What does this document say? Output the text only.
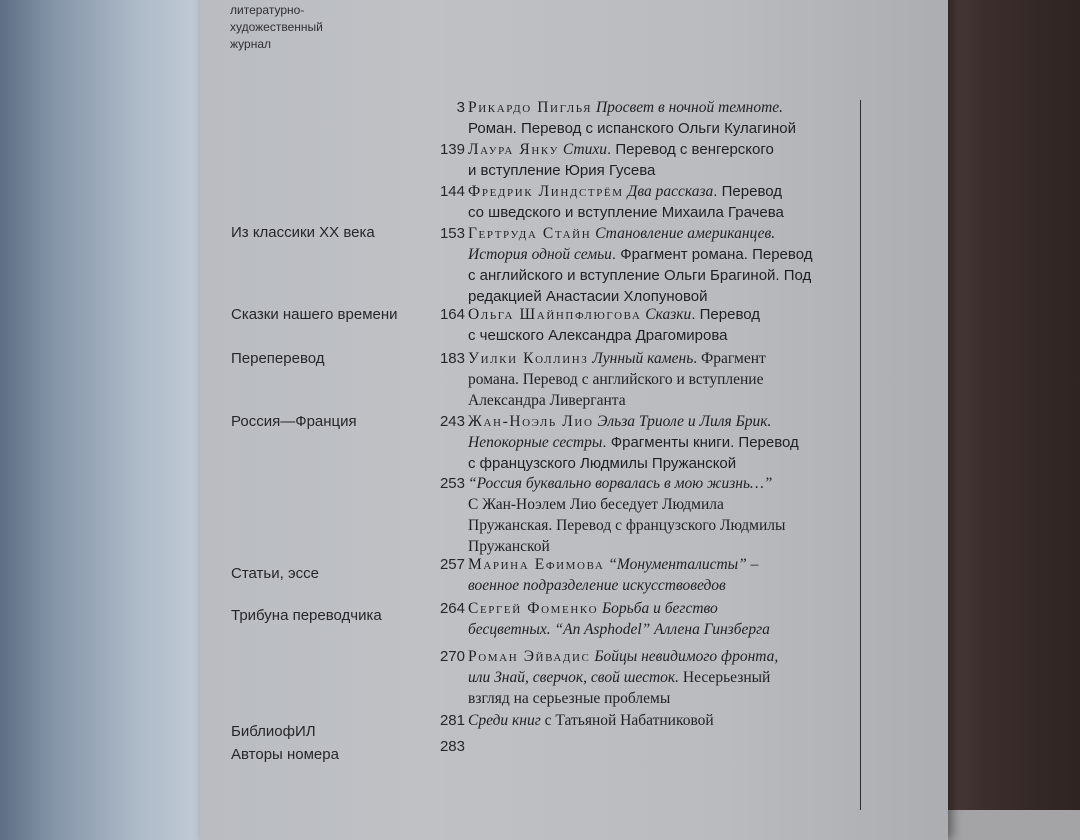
литературно-
художественный
журнал
Из классики XX века
Сказки нашего времени
Перепеpевод
Россия—Франция
Статьи, эссе
Трибуна переводчика
БиблиофИЛ
Авторы номера
3
139
144
153
164
183
243
253
257
264
270
281
283
Рикардо Пиглья Просвет в ночной темноте.
Роман. Перевод с испанского Ольги Кулагиной
Лаура Янку Стихи. Перевод с венгерского
и вступление Юрия Гусева
Фредрик Линдстрём Два рассказа. Перевод
со шведского и вступление Михаила Грачева
Гертруда Стайн Становление американцев.
История одной семьи. Фрагмент романа. Перевод
с английского и вступление Ольги Брагиной. Под
редакцией Анастасии Хлопуновой
Ольга Шайнпфлюгова Сказки. Перевод
с чешского Александра Драгомирова
Уилки Коллинз Лунный камень. Фрагмент
романа. Перевод с английского и вступление
Александра Ливерганта
Жан-Ноэль Лио Эльза Триоле и Лиля Брик.
Непокорные сестры. Фрагменты книги. Перевод
с французского Людмилы Пружанской
“Россия буквально ворвалась в мою жизнь…”
С Жан-Ноэлем Лио беседует Людмила
Пружанская. Перевод с французского Людмилы
Пружанской
Марина Ефимова “Монументалисты” –
военное подразделение искусствоведов
Сергей Фоменко Борьба и бегство
бесцветных. “An Asphodel” Аллена Гинзберга
Роман Эйвадис Бойцы невидимого фронта,
или Знай, сверчок, свой шесток. Несерьезный
взгляд на серьезные проблемы
Среди книг с Татьяной Набатниковой
